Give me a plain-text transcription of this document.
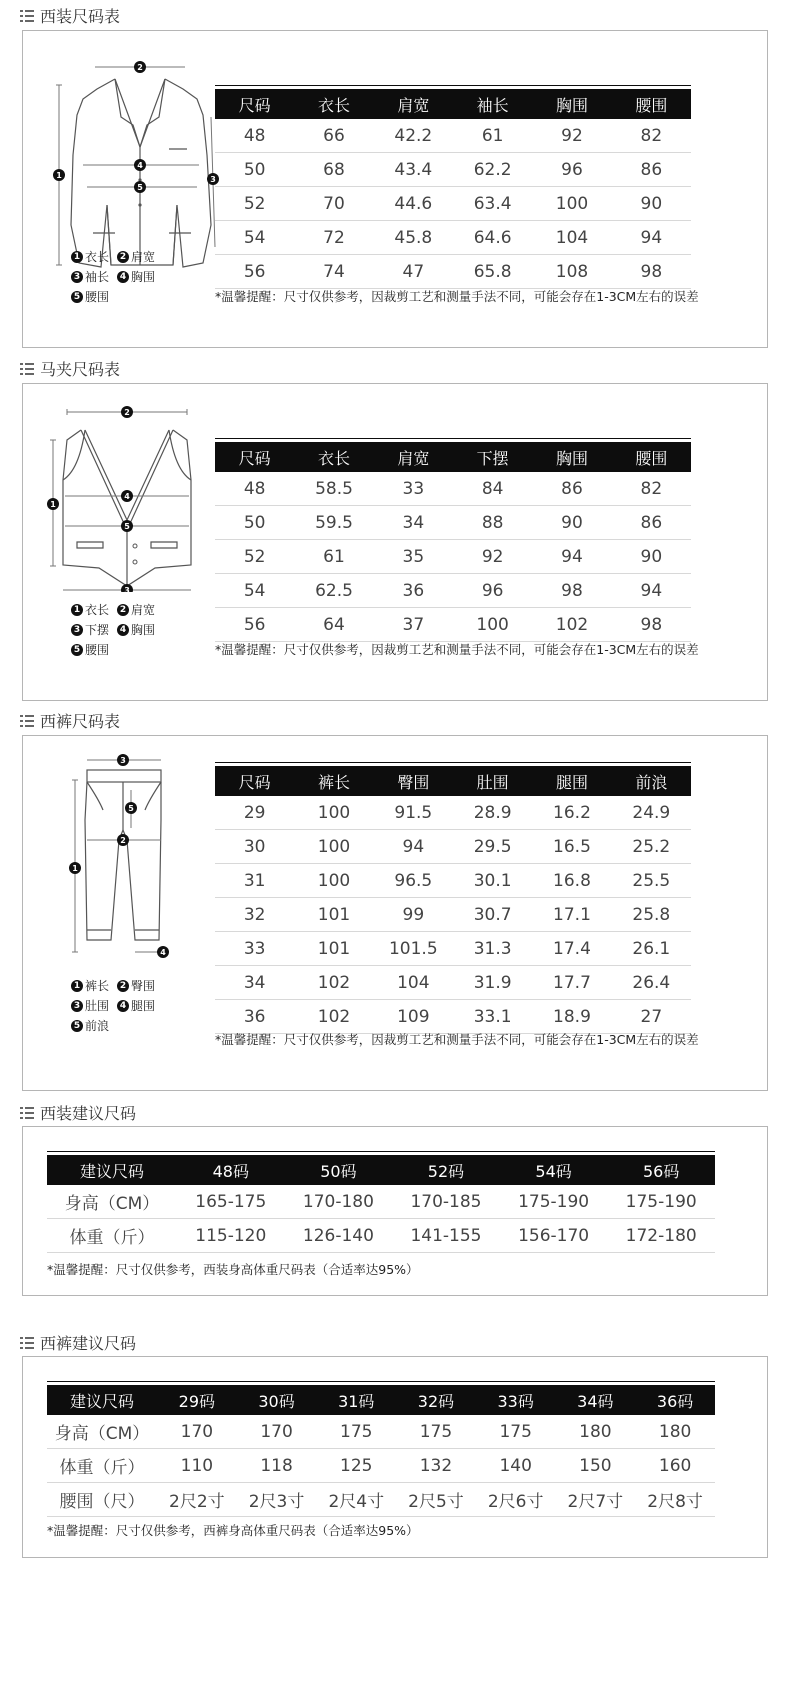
西装尺码表
1
2
3
4
5
1 衣长	2 肩宽
3 袖长	4 胸围
5 腰围

尺码	衣长	肩宽	袖长	胸围	腰围
48	66	42.2	61	92	82
50	68	43.4	62.2	96	86
52	70	44.6	63.4	100	90
54	72	45.8	64.6	104	94
56	74	47	65.8	108	98
*温馨提醒：尺寸仅供参考，因裁剪工艺和测量手法不同，可能会存在1-3CM左右的误差
马夹尺码表
1
2
3
4
5
1 衣长	2 肩宽
3 下摆	4 胸围
5 腰围

尺码	衣长	肩宽	下摆	胸围	腰围
48	58.5	33	84	86	82
50	59.5	34	88	90	86
52	61	35	92	94	90
54	62.5	36	96	98	94
56	64	37	100	102	98
*温馨提醒：尺寸仅供参考，因裁剪工艺和测量手法不同，可能会存在1-3CM左右的误差
西裤尺码表
1
2
3
4
5
1 裤长	2 臀围
3 肚围	4 腿围
5 前浪

尺码	裤长	臀围	肚围	腿围	前浪
29	100	91.5	28.9	16.2	24.9
30	100	94	29.5	16.5	25.2
31	100	96.5	30.1	16.8	25.5
32	101	99	30.7	17.1	25.8
33	101	101.5	31.3	17.4	26.1
34	102	104	31.9	17.7	26.4
36	102	109	33.1	18.9	27
*温馨提醒：尺寸仅供参考，因裁剪工艺和测量手法不同，可能会存在1-3CM左右的误差
西装建议尺码

建议尺码	48码	50码	52码	54码	56码
身高（CM）	165-175	170-180	170-185	175-190	175-190
体重（斤）	115-120	126-140	141-155	156-170	172-180
*温馨提醒：尺寸仅供参考，西装身高体重尺码表（合适率达95%）
西裤建议尺码

建议尺码	29码	30码	31码	32码	33码	34码	36码
身高（CM）	170	170	175	175	175	180	180
体重（斤）	110	118	125	132	140	150	160
腰围（尺）	2尺2寸	2尺3寸	2尺4寸	2尺5寸	2尺6寸	2尺7寸	2尺8寸
*温馨提醒：尺寸仅供参考，西裤身高体重尺码表（合适率达95%）
